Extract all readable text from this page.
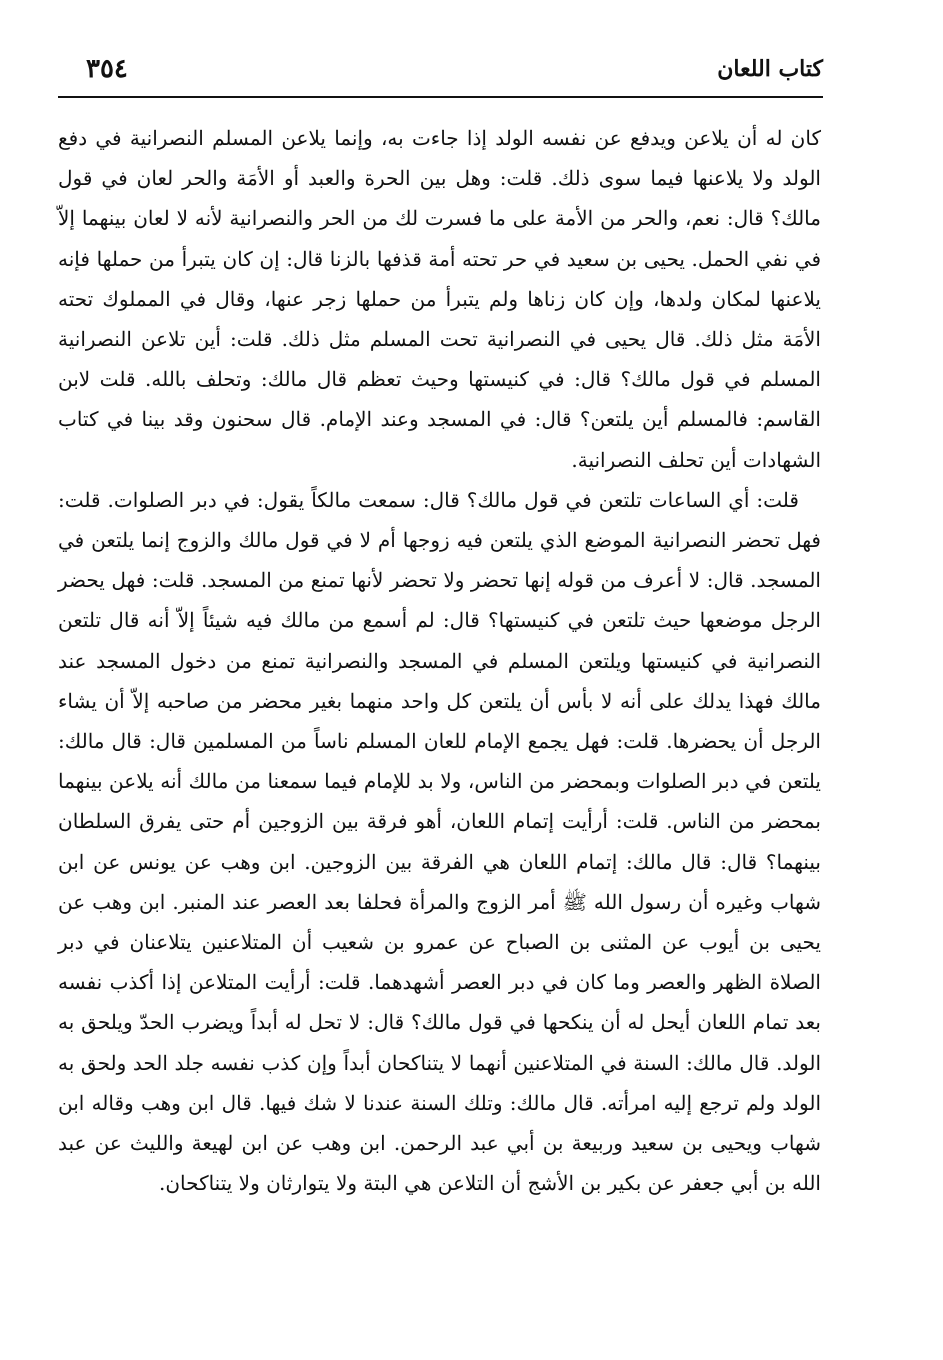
كتاب اللعان
٣٥٤

كان له أن يلاعن ويدفع عن نفسه الولد إذا جاءت به، وإنما يلاعن المسلم النصرانية في دفع الولد ولا يلاعنها فيما سوى ذلك. قلت: وهل بين الحرة والعبد أو الأمَة والحر لعان في قول مالك؟ قال: نعم، والحر من الأمة على ما فسرت لك من الحر والنصرانية لأنه لا لعان بينهما إلاّ في نفي الحمل. يحيى بن سعيد في حر تحته أمة قذفها بالزنا قال: إن كان يتبرأ من حملها فإنه يلاعنها لمكان ولدها، وإن كان زناها ولم يتبرأ من حملها زجر عنها، وقال في المملوك تحته الأمَة مثل ذلك. قال يحيى في النصرانية تحت المسلم مثل ذلك. قلت: أين تلاعن النصرانية المسلم في قول مالك؟ قال: في كنيستها وحيث تعظم قال مالك: وتحلف بالله. قلت لابن القاسم: فالمسلم أين يلتعن؟ قال: في المسجد وعند الإمام. قال سحنون وقد بينا في كتاب الشهادات أين تحلف النصرانية.

قلت: أي الساعات تلتعن في قول مالك؟ قال: سمعت مالكاً يقول: في دبر الصلوات. قلت: فهل تحضر النصرانية الموضع الذي يلتعن فيه زوجها أم لا في قول مالك والزوج إنما يلتعن في المسجد. قال: لا أعرف من قوله إنها تحضر ولا تحضر لأنها تمنع من المسجد. قلت: فهل يحضر الرجل موضعها حيث تلتعن في كنيستها؟ قال: لم أسمع من مالك فيه شيئاً إلاّ أنه قال تلتعن النصرانية في كنيستها ويلتعن المسلم في المسجد والنصرانية تمنع من دخول المسجد عند مالك فهذا يدلك على أنه لا بأس أن يلتعن كل واحد منهما بغير محضر من صاحبه إلاّ أن يشاء الرجل أن يحضرها. قلت: فهل يجمع الإمام للعان المسلم ناساً من المسلمين قال: قال مالك: يلتعن في دبر الصلوات وبمحضر من الناس، ولا بد للإمام فيما سمعنا من مالك أنه يلاعن بينهما بمحضر من الناس. قلت: أرأيت إتمام اللعان، أهو فرقة بين الزوجين أم حتى يفرق السلطان بينهما؟ قال: قال مالك: إتمام اللعان هي الفرقة بين الزوجين. ابن وهب عن يونس عن ابن شهاب وغيره أن رسول الله ﷺ أمر الزوج والمرأة فحلفا بعد العصر عند المنبر. ابن وهب عن يحيى بن أيوب عن المثنى بن الصباح عن عمرو بن شعيب أن المتلاعنين يتلاعنان في دبر الصلاة الظهر والعصر وما كان في دبر العصر أشهدهما. قلت: أرأيت المتلاعن إذا أكذب نفسه بعد تمام اللعان أيحل له أن ينكحها في قول مالك؟ قال: لا تحل له أبداً ويضرب الحدّ ويلحق به الولد. قال مالك: السنة في المتلاعنين أنهما لا يتناكحان أبداً وإن كذب نفسه جلد الحد ولحق به الولد ولم ترجع إليه امرأته. قال مالك: وتلك السنة عندنا لا شك فيها. قال ابن وهب وقاله ابن شهاب ويحيى بن سعيد وربيعة بن أبي عبد الرحمن. ابن وهب عن ابن لهيعة والليث عن عبد الله بن أبي جعفر عن بكير بن الأشج أن التلاعن هي البتة ولا يتوارثان ولا يتناكحان.
